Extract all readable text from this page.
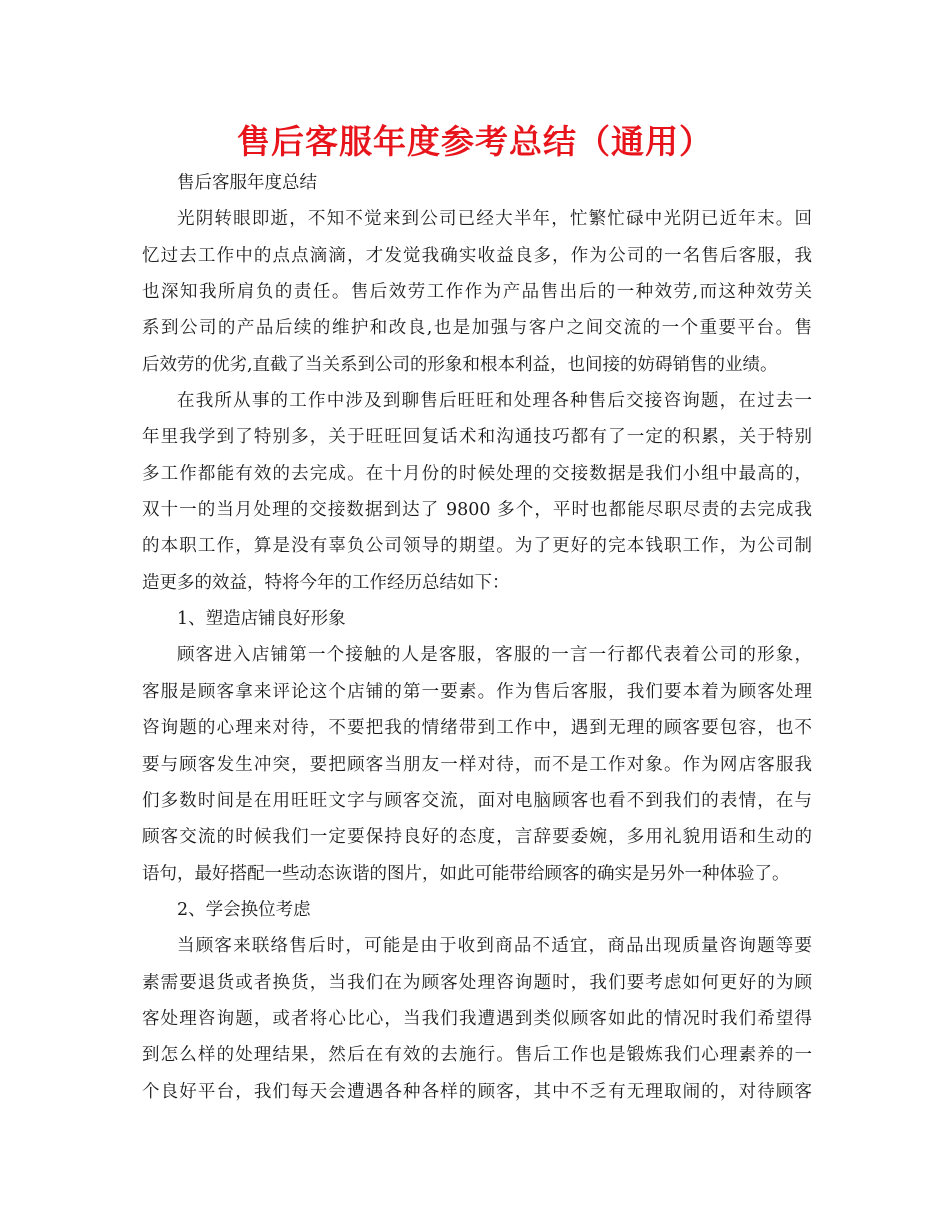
售后客服年度参考总结（通用）
售后客服年度总结
光阴转眼即逝，不知不觉来到公司已经大半年，忙繁忙碌中光阴已近年末。回
忆过去工作中的点点滴滴，才发觉我确实收益良多，作为公司的一名售后客服，我
也深知我所肩负的责任。售后效劳工作作为产品售出后的一种效劳,而这种效劳关
系到公司的产品后续的维护和改良,也是加强与客户之间交流的一个重要平台。售
后效劳的优劣,直截了当关系到公司的形象和根本利益，也间接的妨碍销售的业绩。
在我所从事的工作中涉及到聊售后旺旺和处理各种售后交接咨询题，在过去一
年里我学到了特别多，关于旺旺回复话术和沟通技巧都有了一定的积累，关于特别
多工作都能有效的去完成。在十月份的时候处理的交接数据是我们小组中最高的，
双十一的当月处理的交接数据到达了 9800 多个，平时也都能尽职尽责的去完成我
的本职工作，算是没有辜负公司领导的期望。为了更好的完本钱职工作，为公司制
造更多的效益，特将今年的工作经历总结如下：
1、塑造店铺良好形象
顾客进入店铺第一个接触的人是客服，客服的一言一行都代表着公司的形象，
客服是顾客拿来评论这个店铺的第一要素。作为售后客服，我们要本着为顾客处理
咨询题的心理来对待，不要把我的情绪带到工作中，遇到无理的顾客要包容，也不
要与顾客发生冲突，要把顾客当朋友一样对待，而不是工作对象。作为网店客服我
们多数时间是在用旺旺文字与顾客交流，面对电脑顾客也看不到我们的表情，在与
顾客交流的时候我们一定要保持良好的态度，言辞要委婉，多用礼貌用语和生动的
语句，最好搭配一些动态诙谐的图片，如此可能带给顾客的确实是另外一种体验了。
2、学会换位考虑
当顾客来联络售后时，可能是由于收到商品不适宜，商品出现质量咨询题等要
素需要退货或者换货，当我们在为顾客处理咨询题时，我们要考虑如何更好的为顾
客处理咨询题，或者将心比心，当我们我遭遇到类似顾客如此的情况时我们希望得
到怎么样的处理结果，然后在有效的去施行。售后工作也是锻炼我们心理素养的一
个良好平台，我们每天会遭遇各种各样的顾客，其中不乏有无理取闹的，对待顾客
